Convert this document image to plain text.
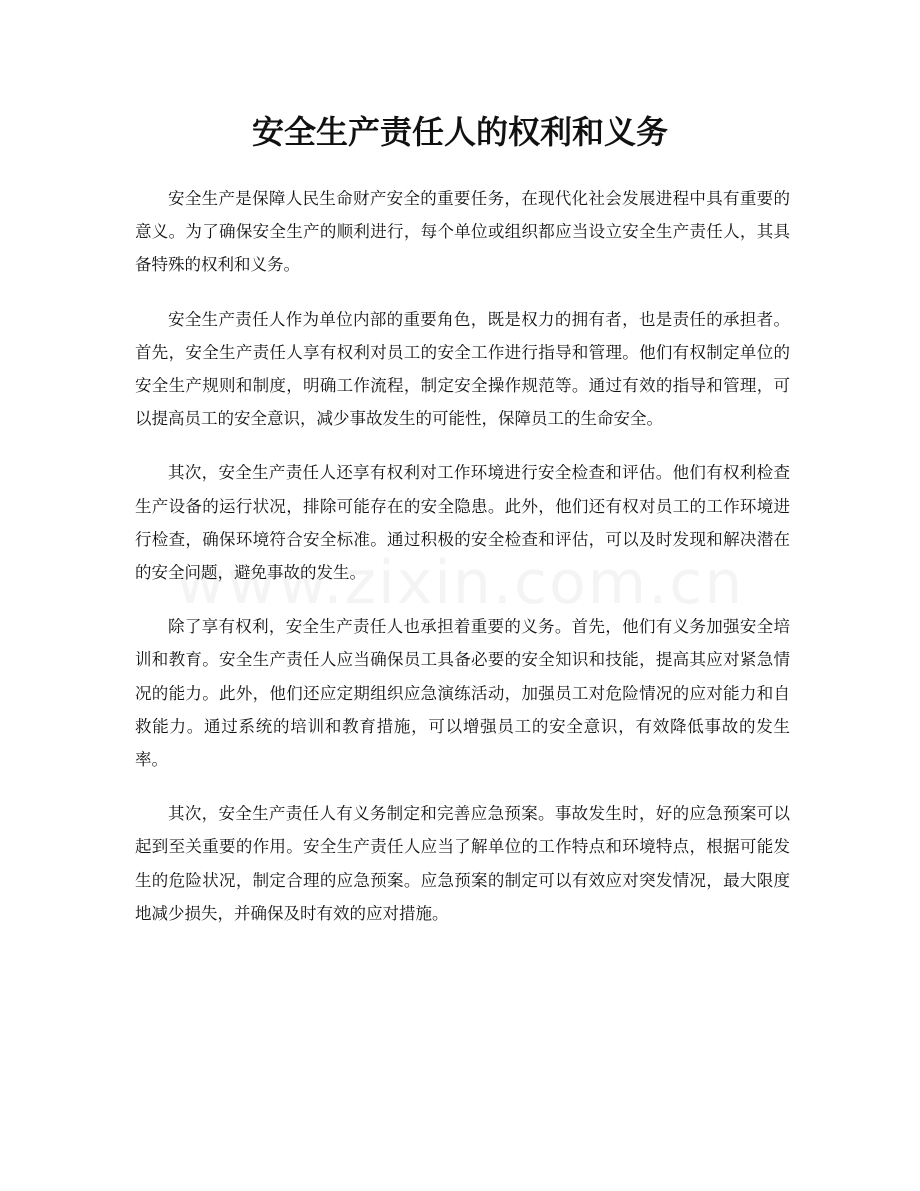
安全生产责任人的权利和义务

安全生产是保障人民生命财产安全的重要任务，在现代化社会发展进程中具有重要的意义。为了确保安全生产的顺利进行，每个单位或组织都应当设立安全生产责任人，其具备特殊的权利和义务。

安全生产责任人作为单位内部的重要角色，既是权力的拥有者，也是责任的承担者。首先，安全生产责任人享有权利对员工的安全工作进行指导和管理。他们有权制定单位的安全生产规则和制度，明确工作流程，制定安全操作规范等。通过有效的指导和管理，可以提高员工的安全意识，减少事故发生的可能性，保障员工的生命安全。

其次，安全生产责任人还享有权利对工作环境进行安全检查和评估。他们有权利检查生产设备的运行状况，排除可能存在的安全隐患。此外，他们还有权对员工的工作环境进行检查，确保环境符合安全标准。通过积极的安全检查和评估，可以及时发现和解决潜在的安全问题，避免事故的发生。

除了享有权利，安全生产责任人也承担着重要的义务。首先，他们有义务加强安全培训和教育。安全生产责任人应当确保员工具备必要的安全知识和技能，提高其应对紧急情况的能力。此外，他们还应定期组织应急演练活动，加强员工对危险情况的应对能力和自救能力。通过系统的培训和教育措施，可以增强员工的安全意识，有效降低事故的发生率。

其次，安全生产责任人有义务制定和完善应急预案。事故发生时，好的应急预案可以起到至关重要的作用。安全生产责任人应当了解单位的工作特点和环境特点，根据可能发生的危险状况，制定合理的应急预案。应急预案的制定可以有效应对突发情况，最大限度地减少损失，并确保及时有效的应对措施。
